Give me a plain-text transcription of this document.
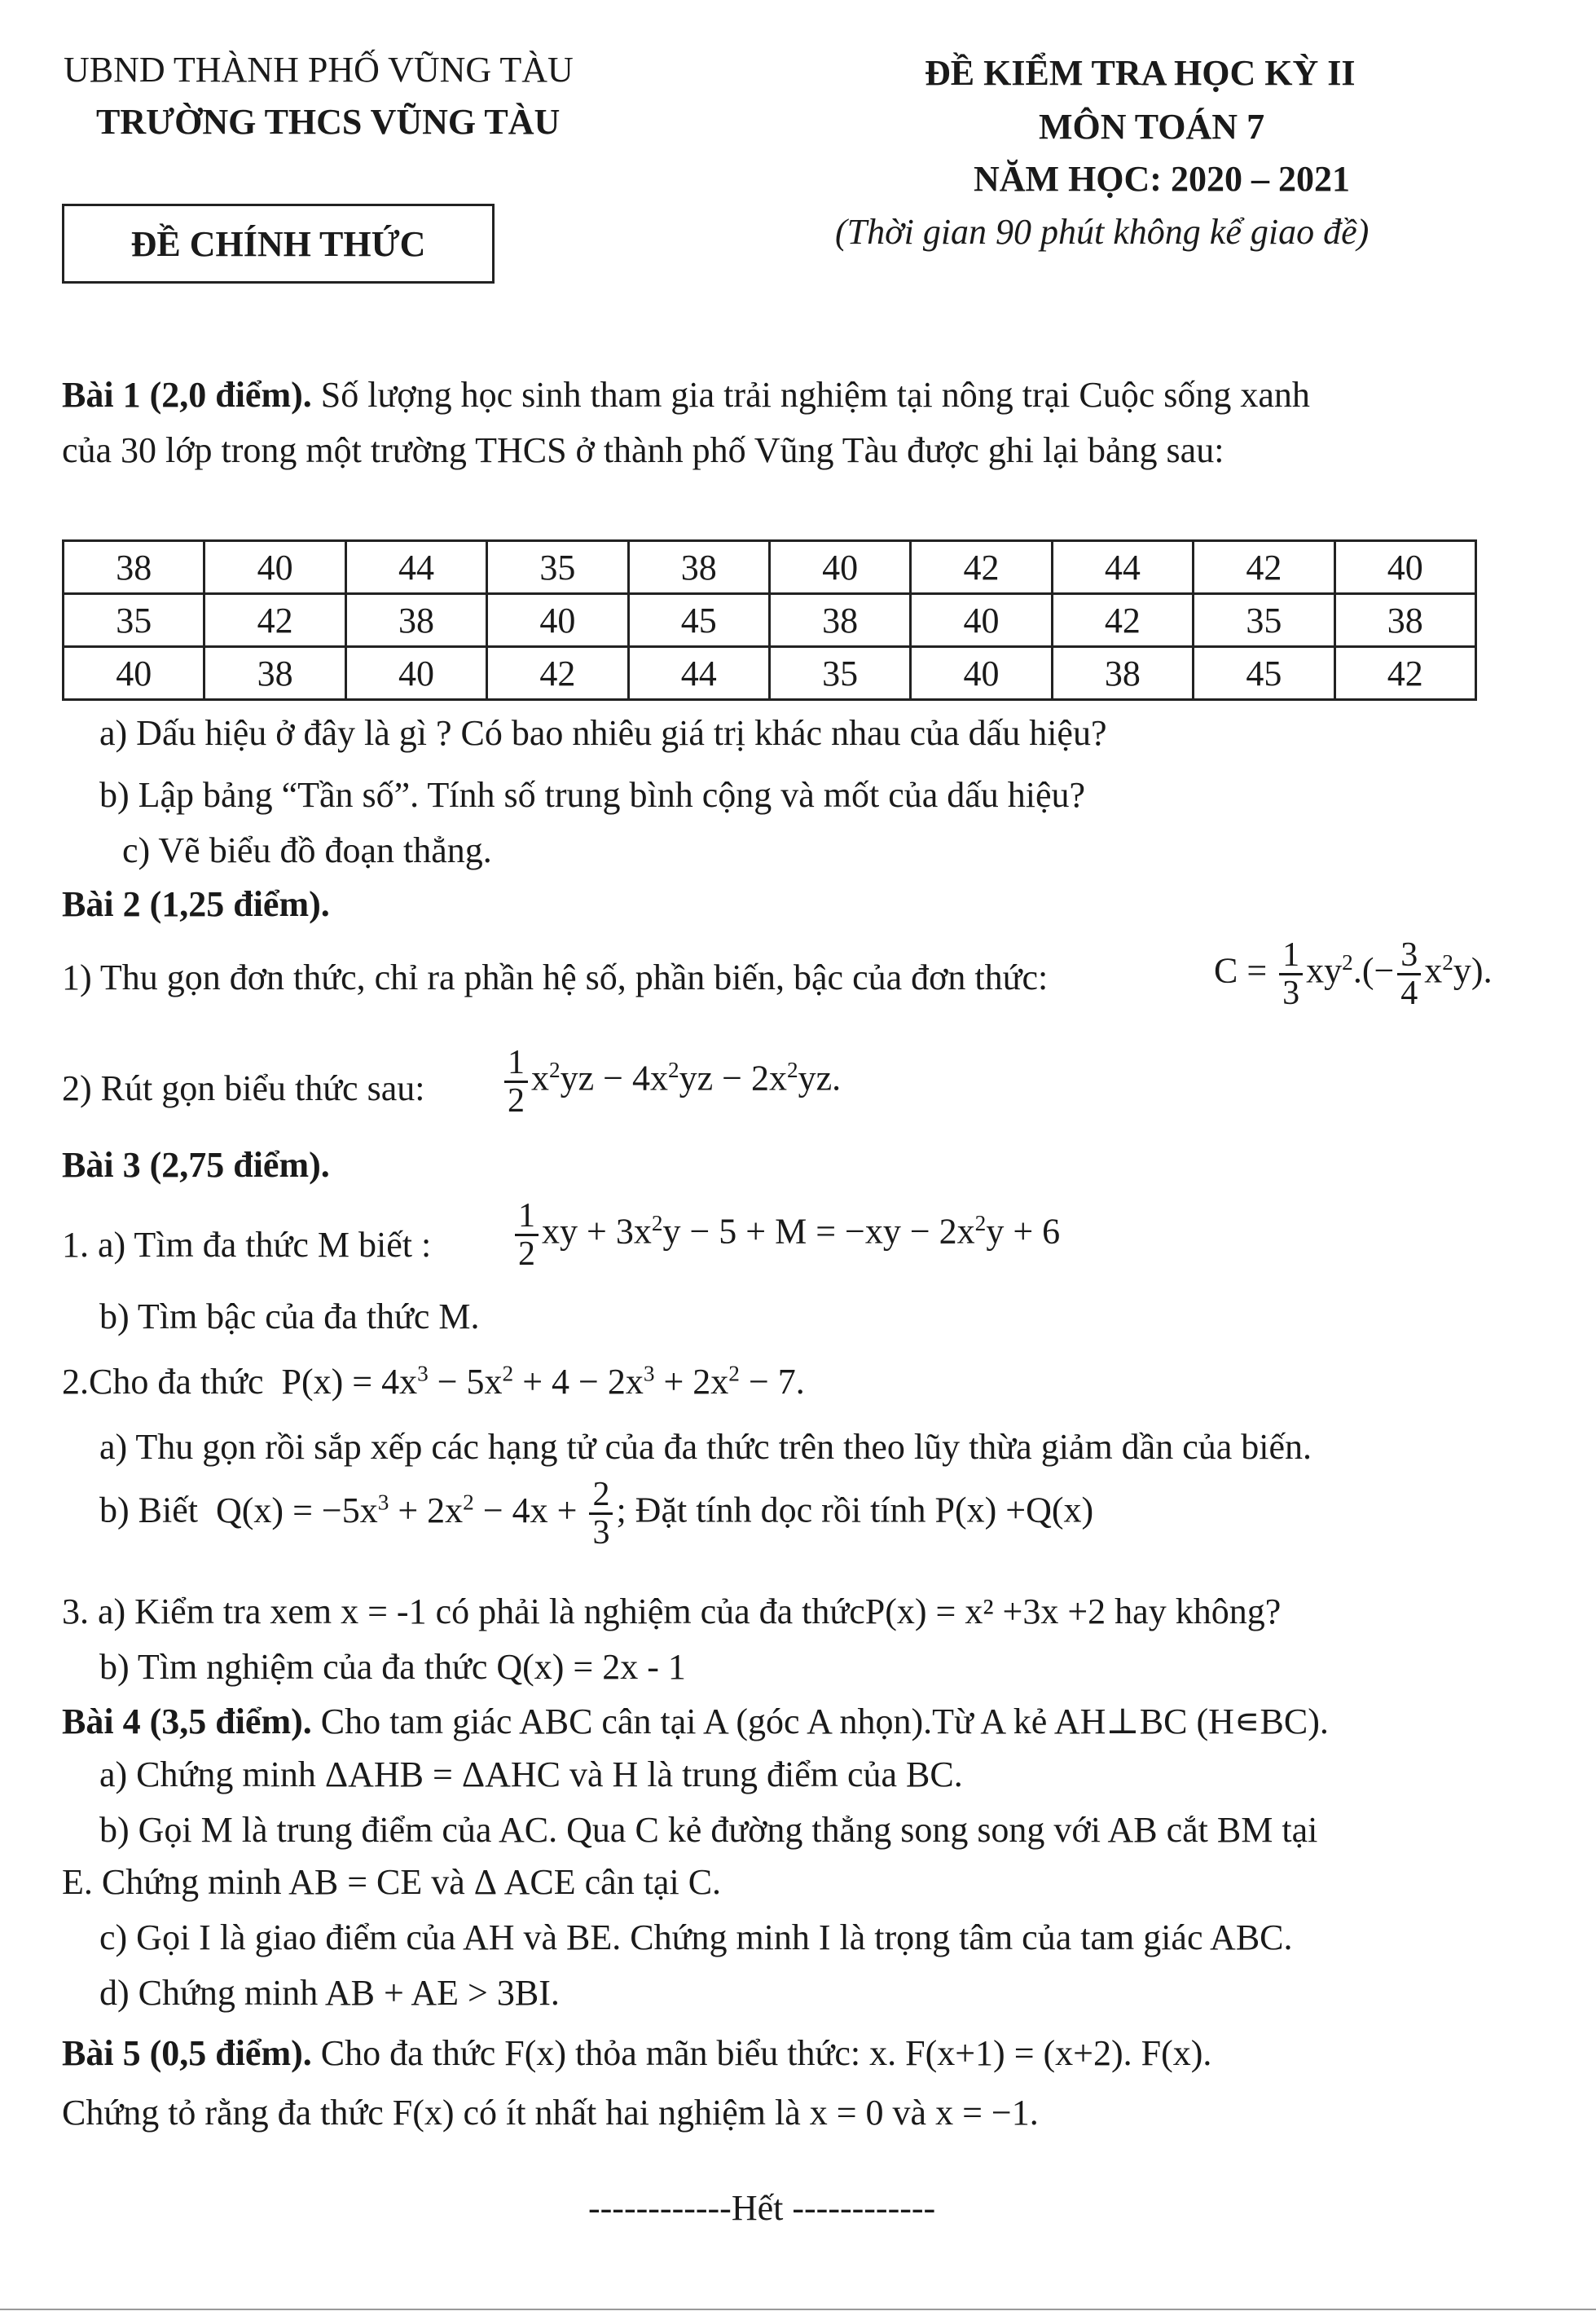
UBND THÀNH PHỐ VŨNG TÀU
TRƯỜNG THCS VŨNG TÀU
ĐỀ CHÍNH THỨC
ĐỀ KIỂM TRA HỌC KỲ II
MÔN TOÁN 7
NĂM HỌC: 2020 – 2021
(Thời gian 90 phút không kể giao đề)
Bài 1 (2,0 điểm). Số lượng học sinh tham gia trải nghiệm tại nông trại Cuộc sống xanh
của 30 lớp trong một trường THCS ở thành phố Vũng Tàu được ghi lại bảng sau:
38	40	44	35	38	40	42	44	42	40
35	42	38	40	45	38	40	42	35	38
40	38	40	42	44	35	40	38	45	42
a) Dấu hiệu ở đây là gì ? Có bao nhiêu giá trị khác nhau của dấu hiệu?
b) Lập bảng “Tần số”. Tính số trung bình cộng và mốt của dấu hiệu?
c) Vẽ biểu đồ đoạn thẳng.
Bài 2 (1,25 điểm).
1) Thu gọn đơn thức, chỉ ra phần hệ số, phần biến, bậc của đơn thức:	$C = \frac{1}{3} xy^2.(- \frac{3}{4} x^2y)$.
2) Rút gọn biểu thức sau: $\frac{1}{2} x^2yz - 4x^2yz - 2x^2yz$.
Bài 3 (2,75 điểm).
1. a) Tìm đa thức M biết : $\frac{1}{2}$ xy + $3x^2y - 5 + M = -xy - 2x^2y + 6$
b) Tìm bậc của đa thức M.
2.Cho đa thức  $P(x) = 4x^3 - 5x^2 + 4 - 2x^3 + 2x^2 - 7$.
a) Thu gọn rồi sắp xếp các hạng tử của đa thức trên theo lũy thừa giảm dần của biến.
b) Biết  $Q(x) = -5x^3 + 2x^2 - 4x + \frac{2}{3}$ ; Đặt tính dọc rồi tính P(x) +Q(x)
3. a) Kiểm tra xem x = -1 có phải là nghiệm của đa thứcP(x) = x² +3x +2 hay không?
b) Tìm nghiệm của đa thức Q(x) = 2x - 1
Bài 4 (3,5 điểm). Cho tam giác ABC cân tại A (góc A nhọn).Từ A kẻ AH⊥BC (H∊BC).
a) Chứng minh ΔAHB = ΔAHC và H là trung điểm của BC.
b) Gọi M là trung điểm của AC. Qua C kẻ đường thẳng song song với AB cắt BM tại
E. Chứng minh AB = CE và Δ ACE cân tại C.
c) Gọi I là giao điểm của AH và BE. Chứng minh I là trọng tâm của tam giác ABC.
d) Chứng minh AB + AE > 3BI.
Bài 5 (0,5 điểm). Cho đa thức F(x) thỏa mãn biểu thức: x. F(x+1) = (x+2). F(x).
Chứng tỏ rằng đa thức F(x) có ít nhất hai nghiệm là x = 0 và x = −1.
------------Hết ------------
